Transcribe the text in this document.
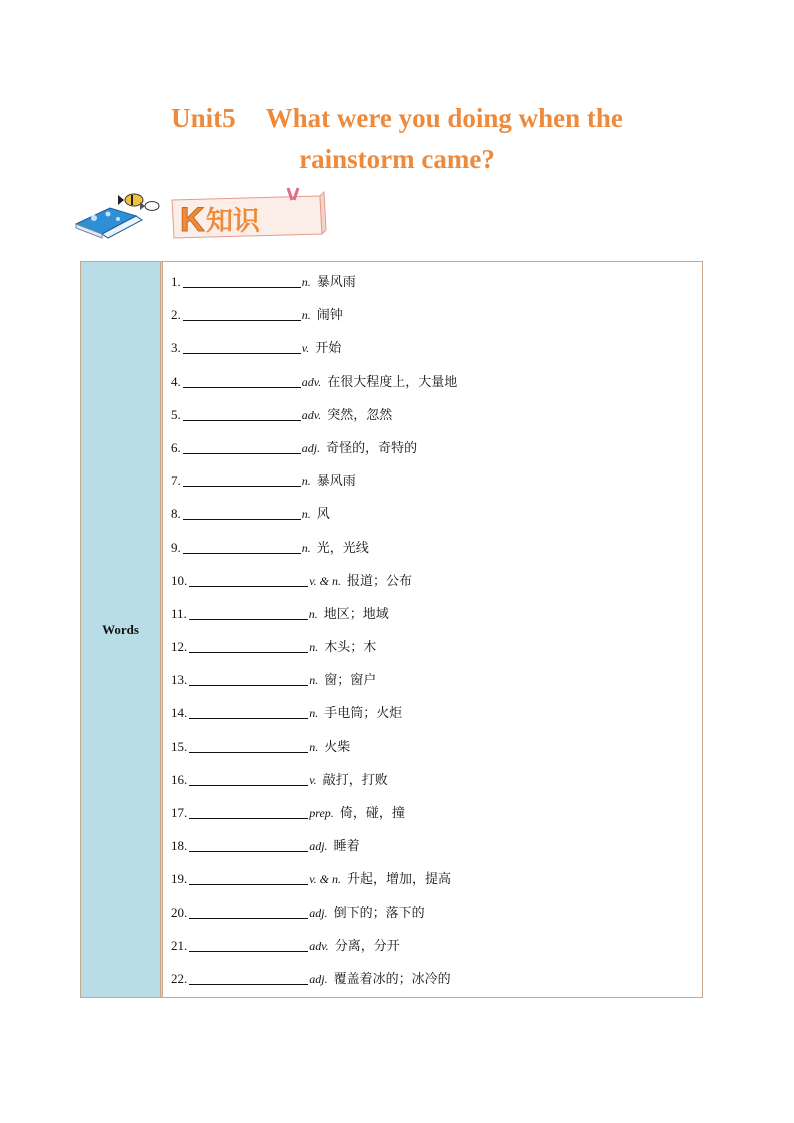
Unit5 What were you doing when the
rainstorm came?
K 知识
Words	
1.	n. 暴风雨
2.	n. 闹钟
3.	v. 开始
4.	adv. 在很大程度上，大量地
5.	adv. 突然，忽然
6.	adj. 奇怪的，奇特的
7.	n. 暴风雨
8.	n. 风
9.	n. 光，光线
10.	v. & n. 报道；公布
11.	n. 地区；地域
12.	n. 木头；木
13.	n. 窗；窗户
14.	n. 手电筒；火炬
15.	n. 火柴
16.	v. 敲打，打败
17.	prep. 倚，碰，撞
18.	adj. 睡着
19.	v. & n. 升起，增加，提高
20.	adj. 倒下的；落下的
21.	adv. 分离，分开
22.	adj. 覆盖着冰的；冰冷的
